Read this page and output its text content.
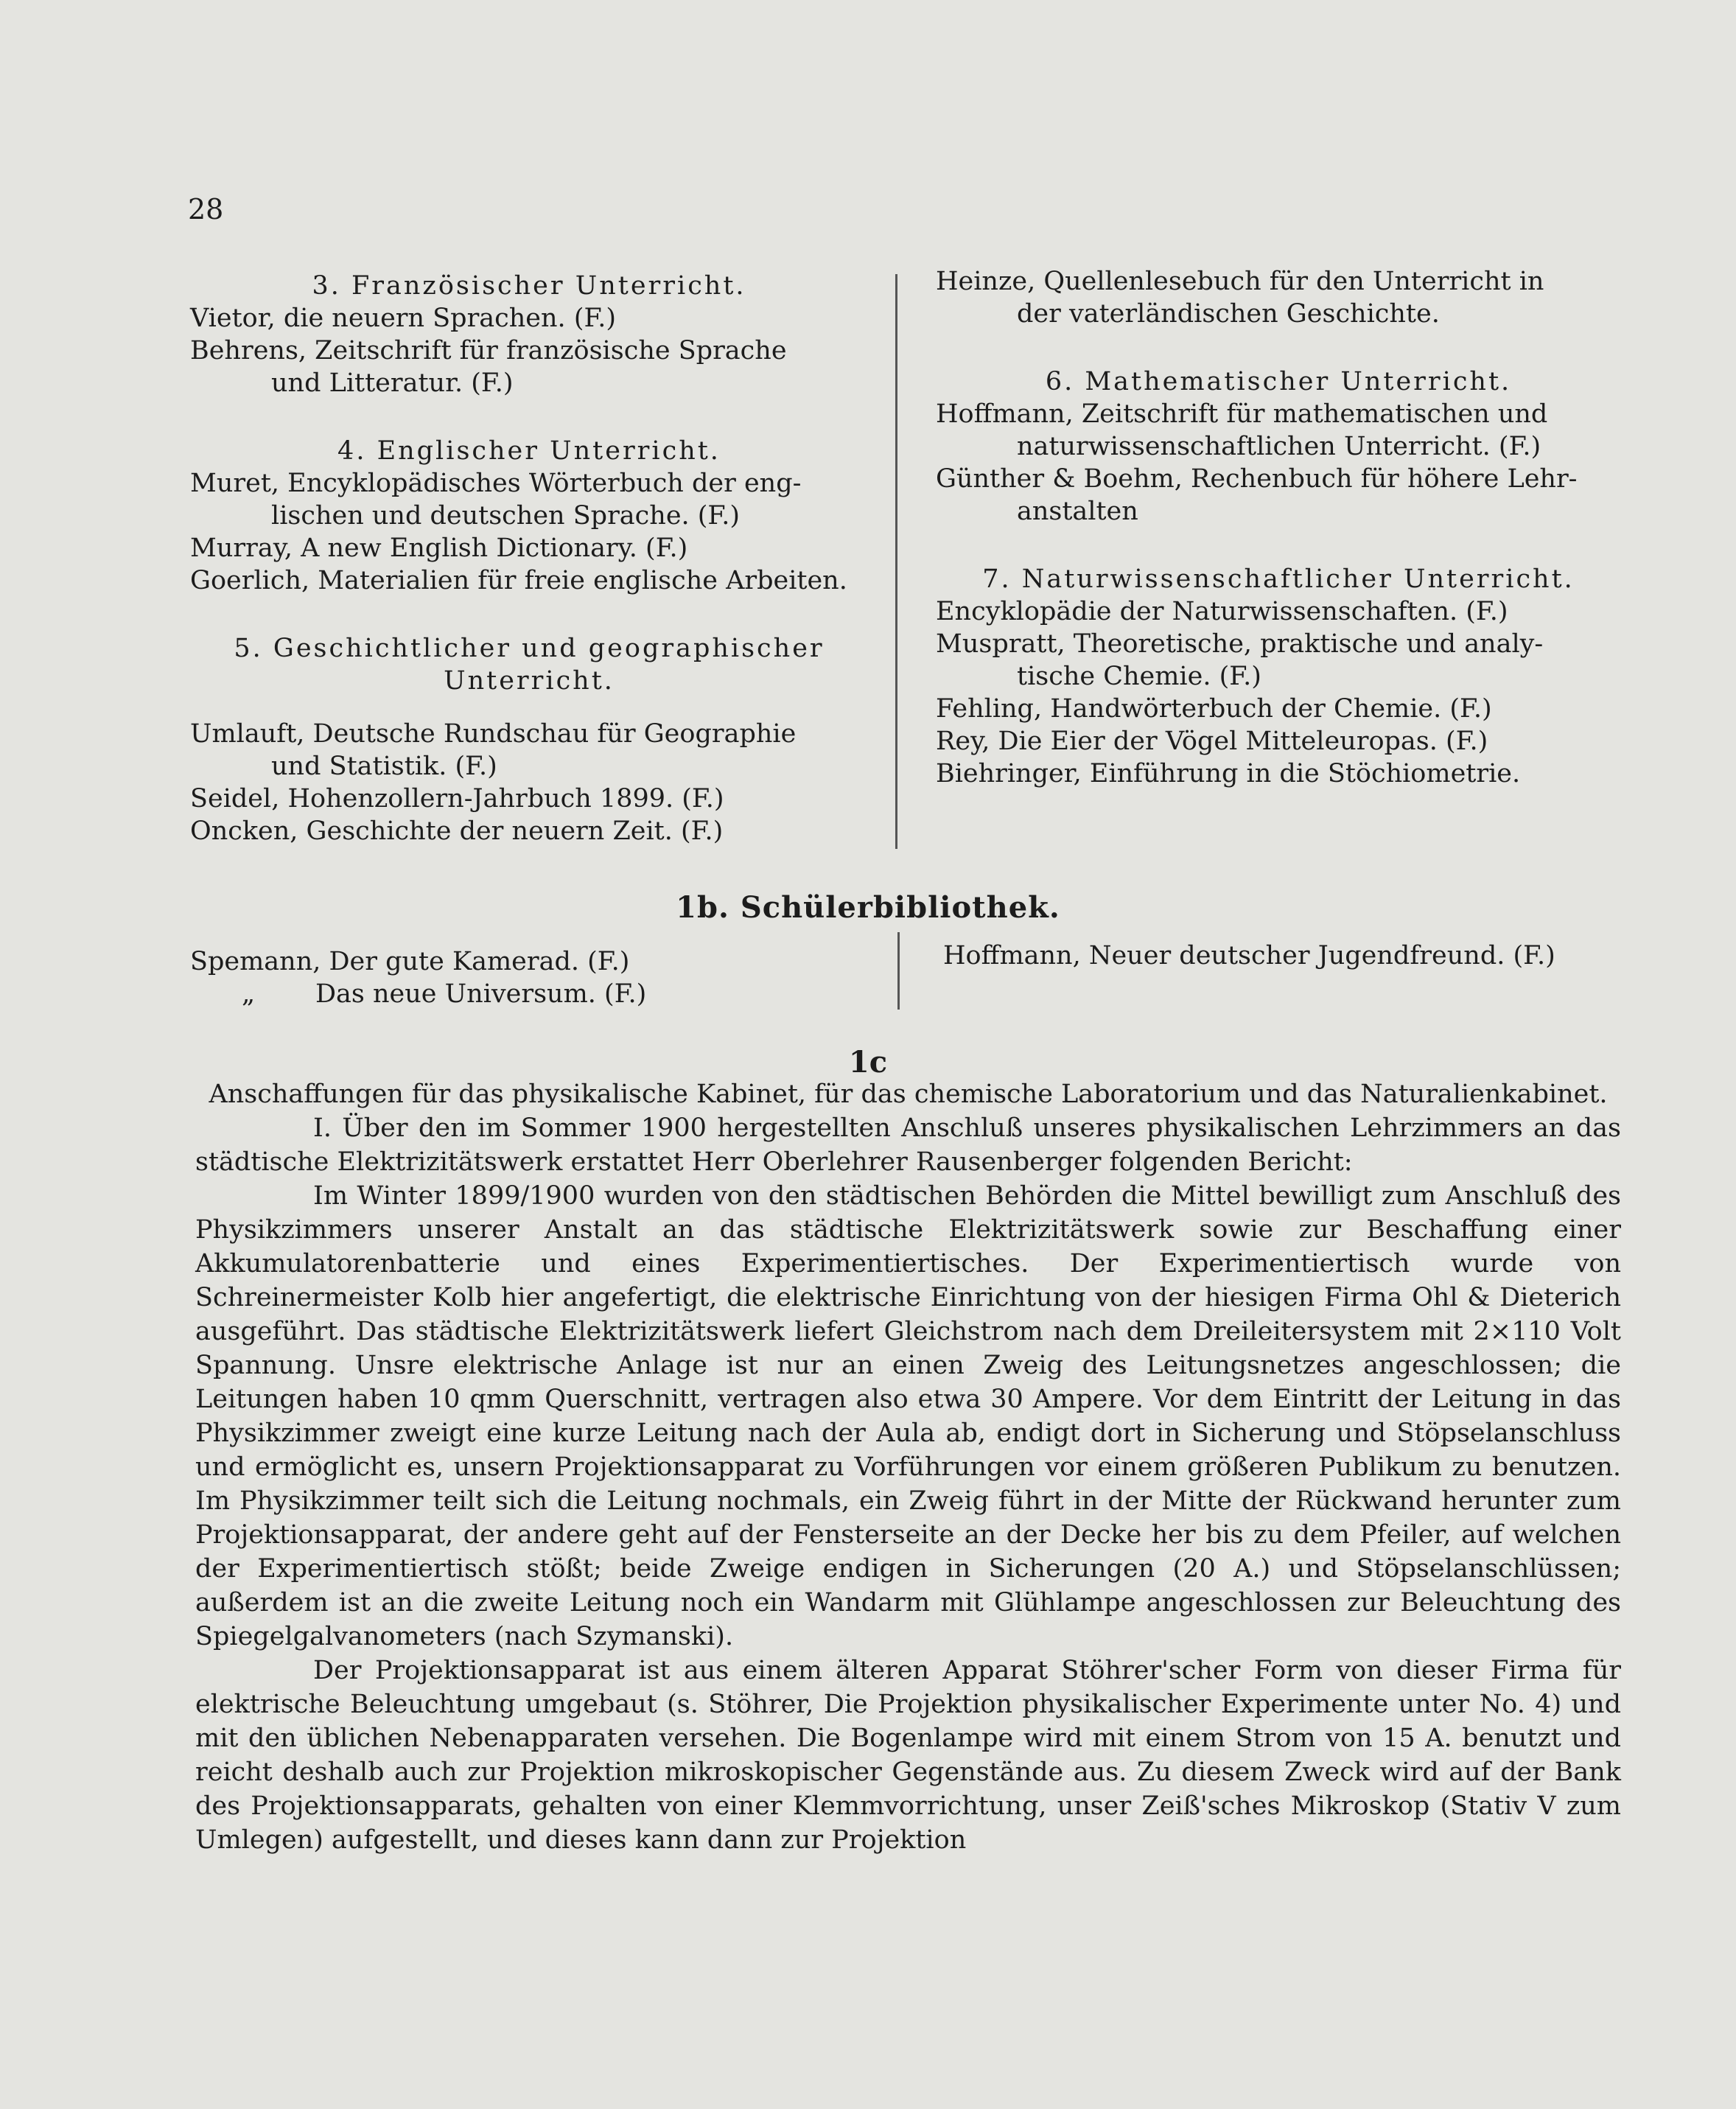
28

3. Französischer Unterricht.

Vietor, die neuern Sprachen. (F.)

Behrens, Zeitschrift für französische Sprache

und Litteratur. (F.)

4. Englischer Unterricht.

Muret, Encyklopädisches Wörterbuch der eng-

lischen und deutschen Sprache. (F.)

Murray, A new English Dictionary. (F.)

Goerlich, Materialien für freie englische Arbeiten.

5. Geschichtlicher und geographischer

Unterricht.

Umlauft, Deutsche Rundschau für Geographie

und Statistik. (F.)

Seidel, Hohenzollern-Jahrbuch 1899. (F.)

Oncken, Geschichte der neuern Zeit. (F.)

Heinze, Quellenlesebuch für den Unterricht in

der vaterländischen Geschichte.

6. Mathematischer Unterricht.

Hoffmann, Zeitschrift für mathematischen und

naturwissenschaftlichen Unterricht. (F.)

Günther & Boehm, Rechenbuch für höhere Lehr-

anstalten

7. Naturwissenschaftlicher Unterricht.

Encyklopädie der Naturwissenschaften. (F.)

Muspratt, Theoretische, praktische und analy-

tische Chemie. (F.)

Fehling, Handwörterbuch der Chemie. (F.)

Rey, Die Eier der Vögel Mitteleuropas. (F.)

Biehringer, Einführung in die Stöchiometrie.

1b. Schülerbibliothek.
Spemann, Der gute Kamerad. (F.)
„ Das neue Universum. (F.)
Hoffmann, Neuer deutscher Jugendfreund. (F.)
1c

Anschaffungen für das physikalische Kabinet, für das chemische Laboratorium und das Naturalienkabinet.

I. Über den im Sommer 1900 hergestellten Anschluß unseres physikalischen Lehrzimmers an das städtische Elektrizitätswerk erstattet Herr Oberlehrer Rausenberger folgenden Bericht:

Im Winter 1899/1900 wurden von den städtischen Behörden die Mittel bewilligt zum Anschluß des Physikzimmers unserer Anstalt an das städtische Elektrizitätswerk sowie zur Beschaffung einer Akkumulatorenbatterie und eines Experimentiertisches. Der Experimentiertisch wurde von Schreinermeister Kolb hier angefertigt, die elektrische Einrichtung von der hiesigen Firma Ohl & Dieterich ausgeführt. Das städtische Elektrizitätswerk liefert Gleichstrom nach dem Dreileitersystem mit 2×110 Volt Spannung. Unsre elektrische Anlage ist nur an einen Zweig des Leitungsnetzes angeschlossen; die Leitungen haben 10 qmm Querschnitt, vertragen also etwa 30 Ampere. Vor dem Eintritt der Leitung in das Physikzimmer zweigt eine kurze Leitung nach der Aula ab, endigt dort in Sicherung und Stöpselanschluss und ermöglicht es, unsern Projektionsapparat zu Vorführungen vor einem größeren Publikum zu benutzen. Im Physikzimmer teilt sich die Leitung nochmals, ein Zweig führt in der Mitte der Rückwand herunter zum Projektionsapparat, der andere geht auf der Fensterseite an der Decke her bis zu dem Pfeiler, auf welchen der Experimentiertisch stößt; beide Zweige endigen in Sicherungen (20 A.) und Stöpselanschlüssen; außerdem ist an die zweite Leitung noch ein Wandarm mit Glühlampe angeschlossen zur Beleuchtung des Spiegelgalvanometers (nach Szymanski).

Der Projektionsapparat ist aus einem älteren Apparat Stöhrer'scher Form von dieser Firma für elektrische Beleuchtung umgebaut (s. Stöhrer, Die Projektion physikalischer Experimente unter No. 4) und mit den üblichen Nebenapparaten versehen. Die Bogenlampe wird mit einem Strom von 15 A. benutzt und reicht deshalb auch zur Projektion mikroskopischer Gegenstände aus. Zu diesem Zweck wird auf der Bank des Projektionsapparats, gehalten von einer Klemmvorrichtung, unser Zeiß'sches Mikroskop (Stativ V zum Umlegen) aufgestellt, und dieses kann dann zur Projektion
